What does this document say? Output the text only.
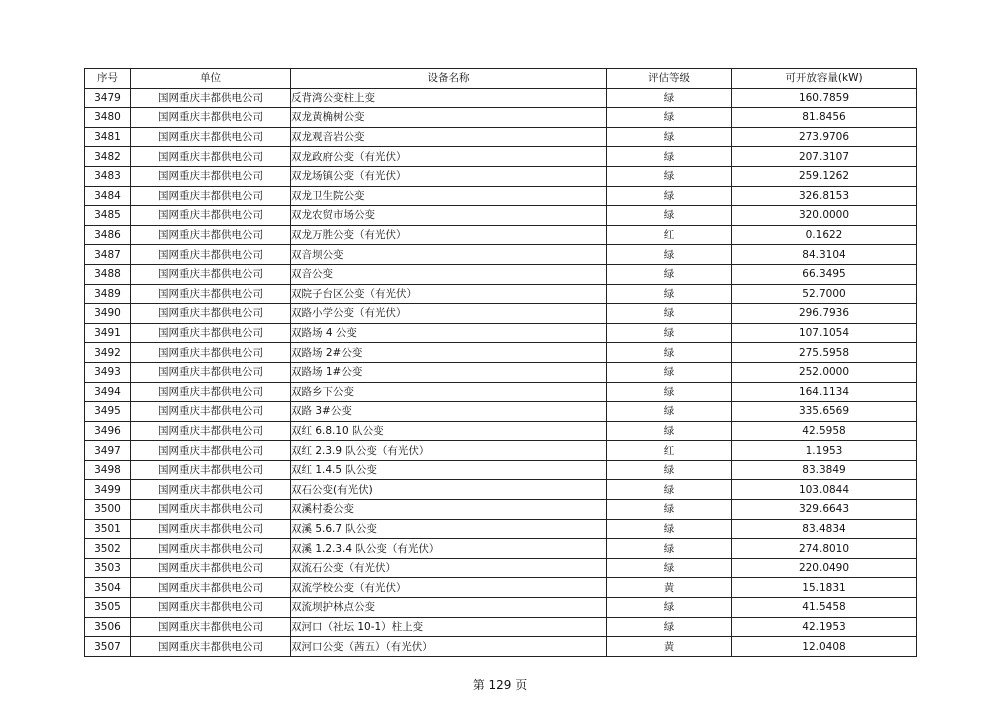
序号	单位	设备名称	评估等级	可开放容量(kW)
3479	国网重庆丰都供电公司	反背湾公变柱上变	绿	160.7859
3480	国网重庆丰都供电公司	双龙黄桷树公变	绿	81.8456
3481	国网重庆丰都供电公司	双龙观音岩公变	绿	273.9706
3482	国网重庆丰都供电公司	双龙政府公变（有光伏）	绿	207.3107
3483	国网重庆丰都供电公司	双龙场镇公变（有光伏）	绿	259.1262
3484	国网重庆丰都供电公司	双龙卫生院公变	绿	326.8153
3485	国网重庆丰都供电公司	双龙农贸市场公变	绿	320.0000
3486	国网重庆丰都供电公司	双龙万胜公变（有光伏）	红	0.1622
3487	国网重庆丰都供电公司	双音坝公变	绿	84.3104
3488	国网重庆丰都供电公司	双音公变	绿	66.3495
3489	国网重庆丰都供电公司	双院子台区公变（有光伏）	绿	52.7000
3490	国网重庆丰都供电公司	双路小学公变（有光伏）	绿	296.7936
3491	国网重庆丰都供电公司	双路场 4 公变	绿	107.1054
3492	国网重庆丰都供电公司	双路场 2#公变	绿	275.5958
3493	国网重庆丰都供电公司	双路场 1#公变	绿	252.0000
3494	国网重庆丰都供电公司	双路乡下公变	绿	164.1134
3495	国网重庆丰都供电公司	双路 3#公变	绿	335.6569
3496	国网重庆丰都供电公司	双红 6.8.10 队公变	绿	42.5958
3497	国网重庆丰都供电公司	双红 2.3.9 队公变（有光伏）	红	1.1953
3498	国网重庆丰都供电公司	双红 1.4.5 队公变	绿	83.3849
3499	国网重庆丰都供电公司	双石公变(有光伏)	绿	103.0844
3500	国网重庆丰都供电公司	双溪村委公变	绿	329.6643
3501	国网重庆丰都供电公司	双溪 5.6.7 队公变	绿	83.4834
3502	国网重庆丰都供电公司	双溪 1.2.3.4 队公变（有光伏）	绿	274.8010
3503	国网重庆丰都供电公司	双流石公变（有光伏）	绿	220.0490
3504	国网重庆丰都供电公司	双流学校公变（有光伏）	黄	15.1831
3505	国网重庆丰都供电公司	双流坝护林点公变	绿	41.5458
3506	国网重庆丰都供电公司	双河口（社坛 10-1）柱上变	绿	42.1953
3507	国网重庆丰都供电公司	双河口公变（茜五）（有光伏）	黄	12.0408
第 129 页
